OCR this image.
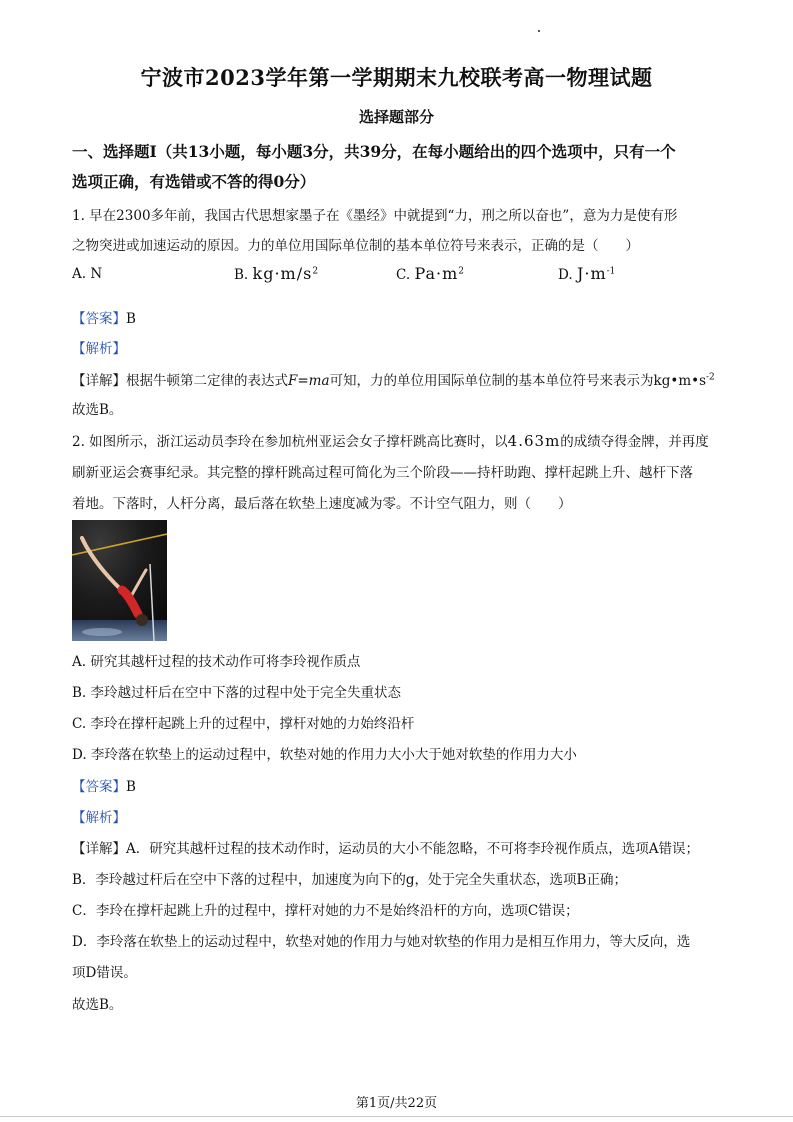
宁波市2023学年第一学期期末九校联考高一物理试题
选择题部分
一、选择题Ⅰ（共13小题，每小题3分，共39分，在每小题给出的四个选项中，只有一个
选项正确，有选错或不答的得0分）
1. 早在2300多年前，我国古代思想家墨子在《墨经》中就提到“力，刑之所以奋也”，意为力是使有形
之物突进或加速运动的原因。力的单位用国际单位制的基本单位符号来表示，正确的是（　　）
A. N	B. $kg\cdot m/s^2$	C. $Pa\cdot m^2$	D. $J\cdot m^{-1}$
【答案】B
【解析】
【详解】根据牛顿第二定律的表达式F=ma可知，力的单位用国际单位制的基本单位符号来表示为$kg•m•s^{-2}$
故选B。
2. 如图所示，浙江运动员李玲在参加杭州亚运会女子撑杆跳高比赛时，以4.63m的成绩夺得金牌，并再度
刷新亚运会赛事纪录。其完整的撑杆跳高过程可简化为三个阶段——持杆助跑、撑杆起跳上升、越杆下落
着地。下落时，人杆分离，最后落在软垫上速度减为零。不计空气阻力，则（　　）
A. 研究其越杆过程的技术动作可将李玲视作质点
B. 李玲越过杆后在空中下落的过程中处于完全失重状态
C. 李玲在撑杆起跳上升的过程中，撑杆对她的力始终沿杆
D. 李玲落在软垫上的运动过程中，软垫对她的作用力大小大于她对软垫的作用力大小
【答案】B
【解析】
【详解】A．研究其越杆过程的技术动作时，运动员的大小不能忽略，不可将李玲视作质点，选项A错误；
B．李玲越过杆后在空中下落的过程中，加速度为向下的g，处于完全失重状态，选项B正确；
C．李玲在撑杆起跳上升的过程中，撑杆对她的力不是始终沿杆的方向，选项C错误；
D．李玲落在软垫上的运动过程中，软垫对她的作用力与她对软垫的作用力是相互作用力，等大反向，选
项D错误。
故选B。
第1页/共22页
